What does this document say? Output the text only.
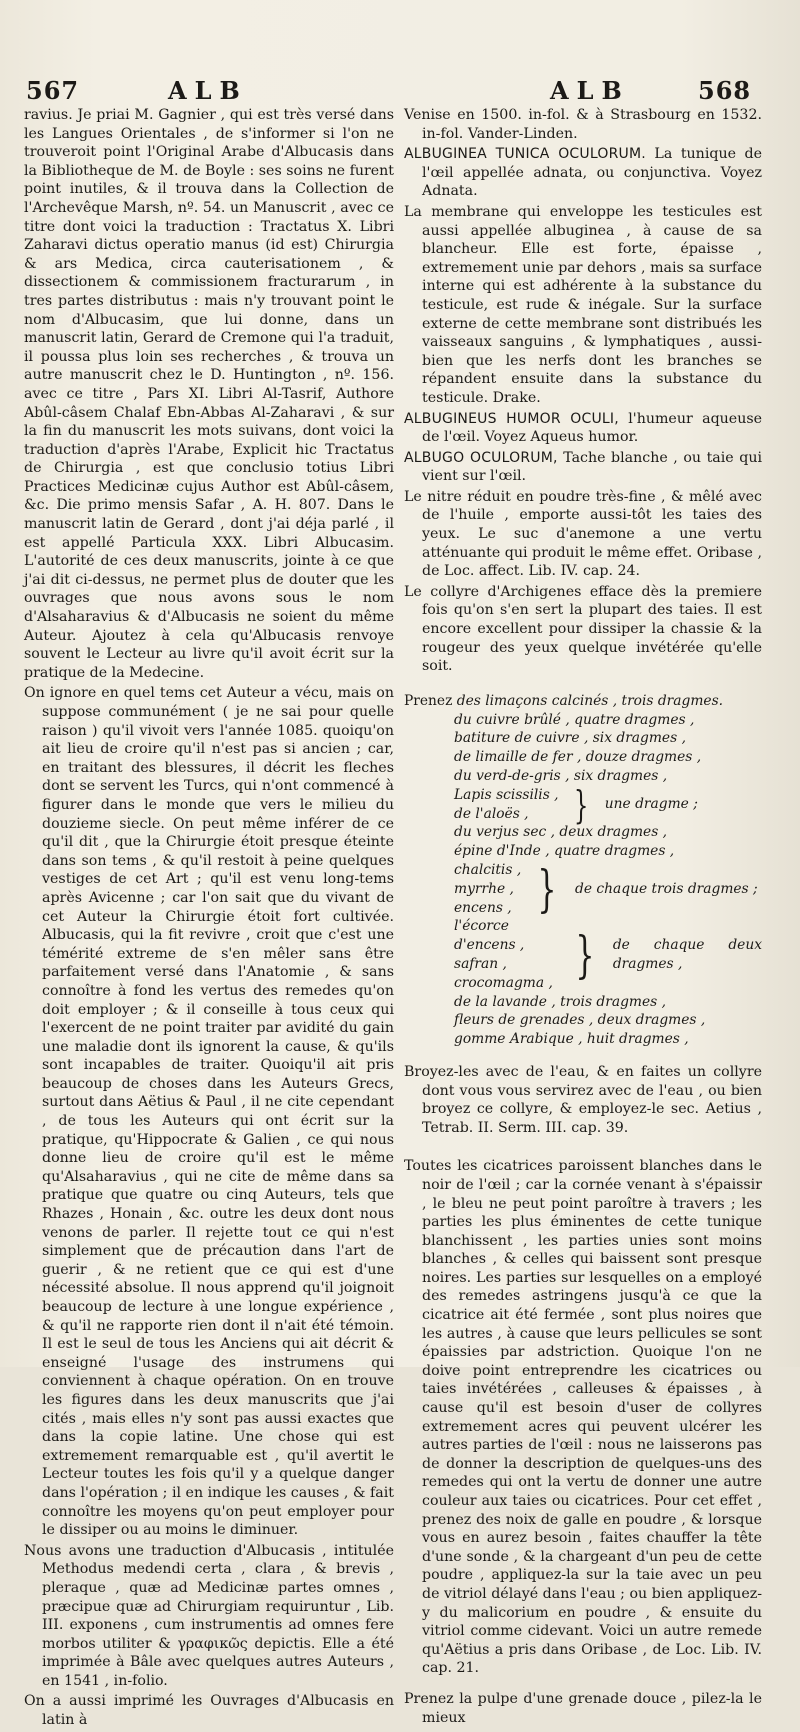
567	ALB	ALB	568

ravius. Je priai M. Gagnier , qui est très versé dans les Langues Orientales , de s'informer si l'on ne trouveroit point l'Original Arabe d'Albucasis dans la Bibliotheque de M. de Boyle : ses soins ne furent point inutiles, & il trouva dans la Collection de l'Archevêque Marsh, nº. 54. un Manuscrit , avec ce titre dont voici la traduction : Tractatus X. Libri Zaharavi dictus operatio manus (id est) Chirurgia & ars Medica, circa cauterisationem , & dissectionem & commissionem fracturarum , in tres partes distributus : mais n'y trouvant point le nom d'Albucasim, que lui donne, dans un manuscrit latin, Gerard de Cremone qui l'a traduit, il poussa plus loin ses recherches , & trouva un autre manuscrit chez le D. Huntington , nº. 156. avec ce titre , Pars XI. Libri Al-Tasrif, Authore Abûl-câsem Chalaf Ebn-Abbas Al-Zaharavi , & sur la fin du manuscrit les mots suivans, dont voici la traduction d'après l'Arabe, Explicit hic Tractatus de Chirurgia , est que conclusio totius Libri Practices Medicinæ cujus Author est Abûl-câsem, &c. Die primo mensis Safar , A. H. 807. Dans le manuscrit latin de Gerard , dont j'ai déja parlé , il est appellé Particula XXX. Libri Albucasim. L'autorité de ces deux manuscrits, jointe à ce que j'ai dit ci-dessus, ne permet plus de douter que les ouvrages que nous avons sous le nom d'Alsaharavius & d'Albucasis ne soient du même Auteur. Ajoutez à cela qu'Albucasis renvoye souvent le Lecteur au livre qu'il avoit écrit sur la pratique de la Medecine.

On ignore en quel tems cet Auteur a vécu, mais on suppose communément ( je ne sai pour quelle raison ) qu'il vivoit vers l'année 1085. quoiqu'on ait lieu de croire qu'il n'est pas si ancien ; car, en traitant des blessures, il décrit les fleches dont se servent les Turcs, qui n'ont commencé à figurer dans le monde que vers le milieu du douzieme siecle. On peut même inférer de ce qu'il dit , que la Chirurgie étoit presque éteinte dans son tems , & qu'il restoit à peine quelques vestiges de cet Art ; qu'il est venu long-tems après Avicenne ; car l'on sait que du vivant de cet Auteur la Chirurgie étoit fort cultivée. Albucasis, qui la fit revivre , croit que c'est une témérité extreme de s'en mêler sans être parfaitement versé dans l'Anatomie , & sans connoître à fond les vertus des remedes qu'on doit employer ; & il conseille à tous ceux qui l'exercent de ne point traiter par avidité du gain une maladie dont ils ignorent la cause, & qu'ils sont incapables de traiter. Quoiqu'il ait pris beaucoup de choses dans les Auteurs Grecs, surtout dans Aëtius & Paul , il ne cite cependant , de tous les Auteurs qui ont écrit sur la pratique, qu'Hippocrate & Galien , ce qui nous donne lieu de croire qu'il est le même qu'Alsaharavius , qui ne cite de même dans sa pratique que quatre ou cinq Auteurs, tels que Rhazes , Honain , &c. outre les deux dont nous venons de parler. Il rejette tout ce qui n'est simplement que de précaution dans l'art de guerir , & ne retient que ce qui est d'une nécessité absolue. Il nous apprend qu'il joignoit beaucoup de lecture à une longue expérience , & qu'il ne rapporte rien dont il n'ait été témoin. Il est le seul de tous les Anciens qui ait décrit & enseigné l'usage des instrumens qui conviennent à chaque opération. On en trouve les figures dans les deux manuscrits que j'ai cités , mais elles n'y sont pas aussi exactes que dans la copie latine. Une chose qui est extremement remarquable est , qu'il avertit le Lecteur toutes les fois qu'il y a quelque danger dans l'opération ; il en indique les causes , & fait connoître les moyens qu'on peut employer pour le dissiper ou au moins le diminuer.

Nous avons une traduction d'Albucasis , intitulée Methodus medendi certa , clara , & brevis , pleraque , quæ ad Medicinæ partes omnes , præcipue quæ ad Chirurgiam requiruntur , Lib. III. exponens , cum instrumentis ad omnes fere morbos utiliter & γραφικῶς depictis. Elle a été imprimée à Bâle avec quelques autres Auteurs , en 1541 , in-folio.

On a aussi imprimé les Ouvrages d'Albucasis en latin à

Venise en 1500. in-fol. & à Strasbourg en 1532. in-fol. Vander-Linden.

ALBUGINEA TUNICA OCULORUM. La tunique de l'œil appellée adnata, ou conjunctiva. Voyez Adnata.

La membrane qui enveloppe les testicules est aussi appellée albuginea , à cause de sa blancheur. Elle est forte, épaisse , extremement unie par dehors , mais sa surface interne qui est adhérente à la substance du testicule, est rude & inégale. Sur la surface externe de cette membrane sont distribués les vaisseaux sanguins , & lymphatiques , aussi-bien que les nerfs dont les branches se répandent ensuite dans la substance du testicule. Drake.

ALBUGINEUS HUMOR OCULI, l'humeur aqueuse de l'œil. Voyez Aqueus humor.

ALBUGO OCULORUM, Tache blanche , ou taie qui vient sur l'œil.

Le nitre réduit en poudre très-fine , & mêlé avec de l'huile , emporte aussi-tôt les taies des yeux. Le suc d'anemone a une vertu atténuante qui produit le même effet. Oribase , de Loc. affect. Lib. IV. cap. 24.

Le collyre d'Archigenes efface dès la premiere fois qu'on s'en sert la plupart des taies. Il est encore excellent pour dissiper la chassie & la rougeur des yeux quelque invétérée qu'elle soit.

Prenez des limaçons calcinés , trois dragmes.
du cuivre brûlé , quatre dragmes ,
batiture de cuivre , six dragmes ,
de limaille de fer , douze dragmes ,
du verd-de-gris , six dragmes ,
Lapis scissilis ,
de l'aloës ,	} une dragme ;
du verjus sec , deux dragmes ,
épine d'Inde , quatre dragmes ,
chalcitis ,
myrrhe ,
encens , } de chaque trois dragmes ;
l'écorce d'encens ,
safran ,
crocomagma , } de chaque deux dragmes ,
de la lavande , trois dragmes ,
fleurs de grenades , deux dragmes ,
gomme Arabique , huit dragmes ,

Broyez-les avec de l'eau, & en faites un collyre dont vous vous servirez avec de l'eau , ou bien broyez ce collyre, & employez-le sec. Aetius , Tetrab. II. Serm. III. cap. 39.

Toutes les cicatrices paroissent blanches dans le noir de l'œil ; car la cornée venant à s'épaissir , le bleu ne peut point paroître à travers ; les parties les plus éminentes de cette tunique blanchissent , les parties unies sont moins blanches , & celles qui baissent sont presque noires. Les parties sur lesquelles on a employé des remedes astringens jusqu'à ce que la cicatrice ait été fermée , sont plus noires que les autres , à cause que leurs pellicules se sont épaissies par adstriction. Quoique l'on ne doive point entreprendre les cicatrices ou taies invétérées , calleuses & épaisses , à cause qu'il est besoin d'user de collyres extremement acres qui peuvent ulcérer les autres parties de l'œil : nous ne laisserons pas de donner la description de quelques-uns des remedes qui ont la vertu de donner une autre couleur aux taies ou cicatrices. Pour cet effet , prenez des noix de galle en poudre , & lorsque vous en aurez besoin , faites chauffer la tête d'une sonde , & la chargeant d'un peu de cette poudre , appliquez-la sur la taie avec un peu de vitriol délayé dans l'eau ; ou bien appliquez-y du malicorium en poudre , & ensuite du vitriol comme cidevant. Voici un autre remede qu'Aëtius a pris dans Oribase , de Loc. Lib. IV. cap. 21.

Prenez la pulpe d'une grenade douce , pilez-la le mieux
